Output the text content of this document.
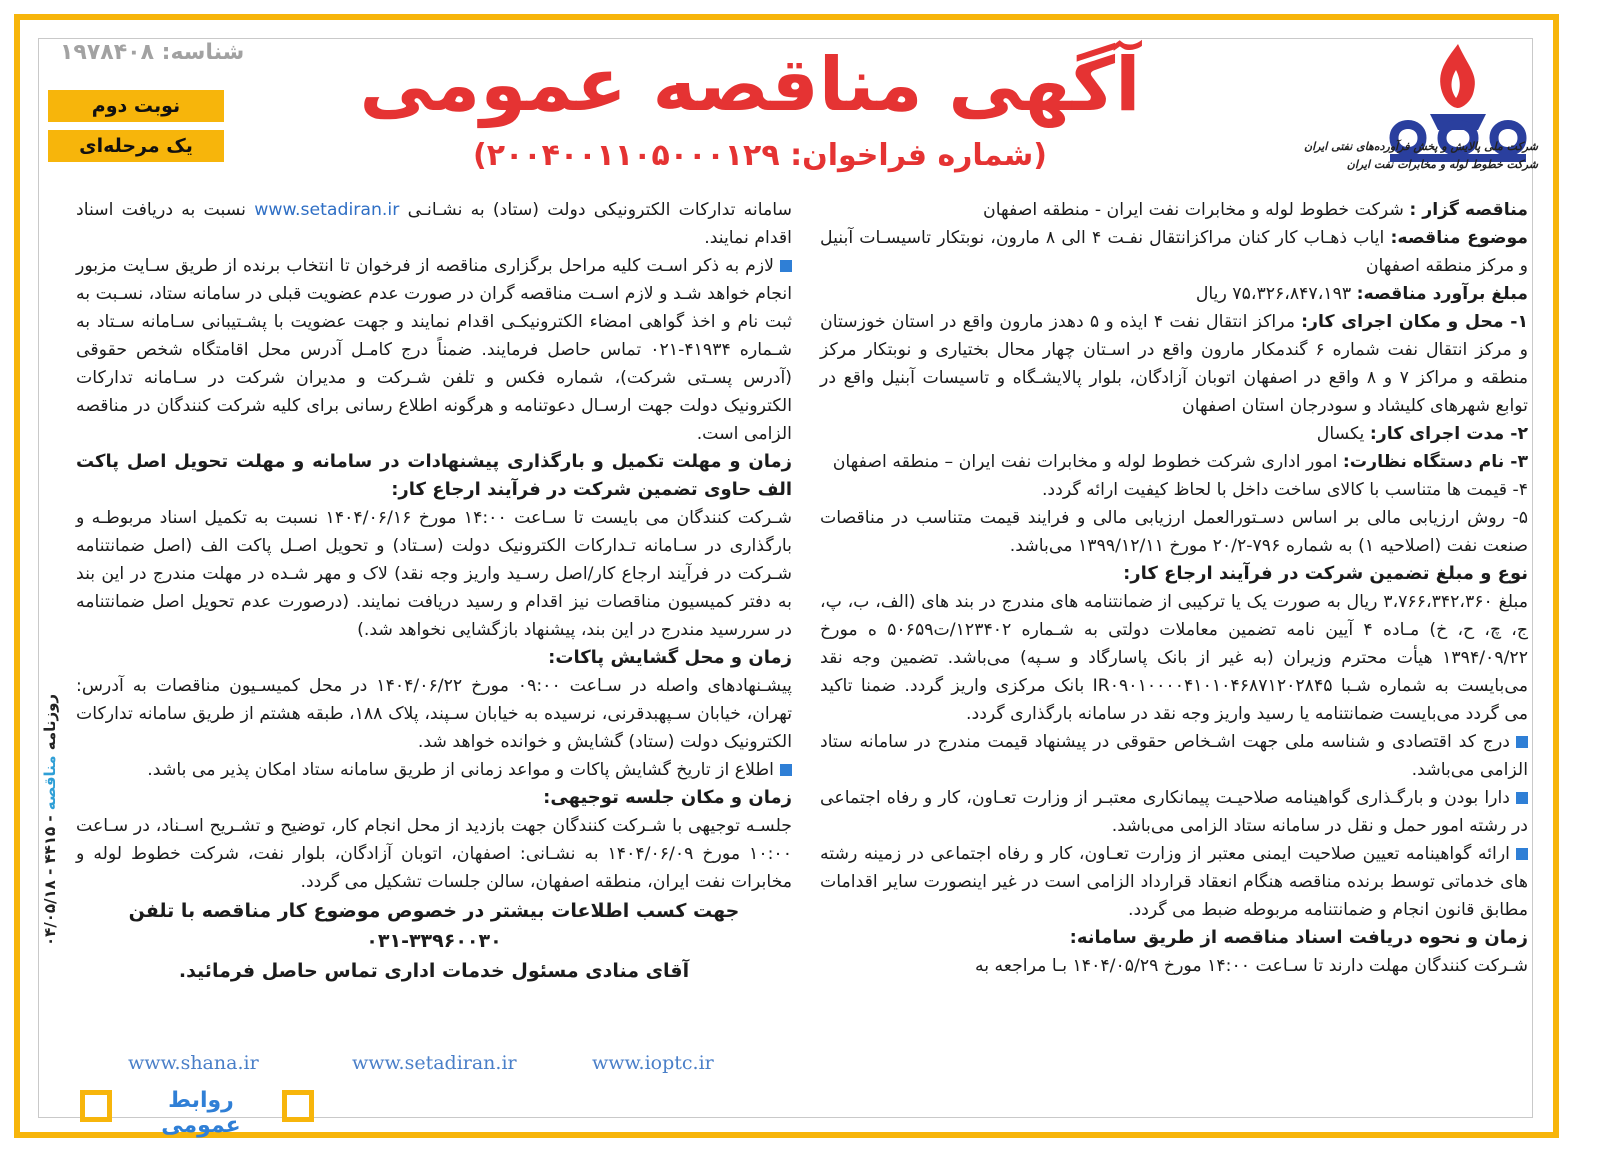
شناسه: ۱۹۷۸۴۰۸
نوبت دوم
یک مرحله‌ای
آگهی مناقصه عمومی
(شماره فراخوان: ۲۰۰۴۰۰۱۱۰۵۰۰۰۱۲۹)	شرکت ملی پالایش و پخش فرآورده‌های نفتی ایران
شرکت خطوط لوله و مخابرات نفت ایران

مناقصه گزار : شرکت خطوط لوله و مخابرات نفت ایران - منطقه اصفهان

موضوع مناقصه: ایاب ذهـاب کار کنان مراکزانتقال نفـت ۴ الی ۸ مارون، نوبتکار تاسیسـات آبنیل و مرکز منطقه اصفهان

مبلغ برآورد مناقصه: ۷۵،۳۲۶،۸۴۷،۱۹۳ ریال

۱- محل و مکان اجرای کار: مراکز انتقال نفت ۴ ایذه و ۵ دهدز مارون واقع در استان خوزستان و مرکز انتقال نفت شماره ۶ گندمکار مارون واقع در اسـتان چهار محال بختیاری و نوبتکار مرکز منطقه و مراکز ۷ و ۸ واقع در اصفهان اتوبان آزادگان، بلوار پالایشـگاه و تاسیسات آبنیل واقع در توابع شهرهای کلیشاد و سودرجان استان اصفهان

۲- مدت اجرای کار: یکسال

۳- نام دستگاه نظارت: امور اداری شرکت خطوط لوله و مخابرات نفت ایران – منطقه اصفهان

۴- قیمت ها متناسب با کالای ساخت داخل با لحاظ کیفیت ارائه گردد.

۵- روش ارزیابی مالی بر اساس دسـتورالعمل ارزیابی مالی و فرایند قیمت متناسب در مناقصات صنعت نفت (اصلاحیه ۱) به شماره ۷۹۶-۲۰/۲ مورخ ۱۳۹۹/۱۲/۱۱ می‌باشد.

نوع و مبلغ تضمین شرکت در فرآیند ارجاع کار:

مبلغ ۳،۷۶۶،۳۴۲،۳۶۰ ریال به صورت یک یا ترکیبی از ضمانتنامه های مندرج در بند های (الف، ب، پ، ج، چ، ح، خ) مـاده ۴ آیین نامه تضمین معاملات دولتی به شـماره ۱۲۳۴۰۲/ت۵۰۶۵۹ ه مورخ ۱۳۹۴/۰۹/۲۲ هیأت محترم وزیران (به غیر از بانک پاسارگاد و سـپه) می‌باشد. تضمین وجه نقد می‌بایست به شماره شـبا IR۰۹۰۱۰۰۰۰۴۱۰۱۰۴۶۸۷۱۲۰۲۸۴۵ بانک مرکزی واریز گردد. ضمنا تاکید می گردد می‌بایست ضمانتنامه یا رسید واریز وجه نقد در سامانه بارگذاری گردد.

درج کد اقتصادی و شناسه ملی جهت اشـخاص حقوقی در پیشنهاد قیمت مندرج در سامانه ستاد الزامی می‌باشد.

دارا بودن و بارگـذاری گواهینامه صلاحیـت پیمانکاری معتبـر از وزارت تعـاون، کار و رفاه اجتماعی در رشته امور حمل و نقل در سامانه ستاد الزامی می‌باشد.

ارائه گواهینامه تعیین صلاحیت ایمنی معتبر از وزارت تعـاون، کار و رفاه اجتماعی در زمینه رشته های خدماتی توسط برنده مناقصه هنگام انعقاد قرارداد الزامی است در غیر اینصورت سایر اقدامات مطابق قانون انجام و ضمانتنامه مربوطه ضبط می گردد.

زمان و نحوه دریافت اسناد مناقصه از طریق سامانه:

شـرکت کنندگان مهلت دارند تا سـاعت ۱۴:۰۰ مورخ ۱۴۰۴/۰۵/۲۹ بـا مراجعه به

سامانه تدارکات الکترونیکی دولت (ستاد) به نشـانـی www.setadiran.ir نسبت به دریافت اسناد اقدام نمایند.

لازم به ذکر اسـت کلیه مراحل برگزاری مناقصه از فرخوان تا انتخاب برنده از طریق سـایت مزبور انجام خواهد شـد و لازم اسـت مناقصه گران در صورت عدم عضویت قبلی در سامانه ستاد، نسـبت به ثبت نام و اخذ گواهی امضاء الکترونیکـی اقدام نمایند و جهت عضویت با پشـتیبانی سـامانه سـتاد به شـماره ۴۱۹۳۴-۰۲۱ تماس حاصل فرمایند. ضمناً درج کامـل آدرس محل اقامتگاه شخص حقوقی (آدرس پسـتی شرکت)، شماره فکس و تلفن شـرکت و مدیران شرکت در سـامانه تدارکات الکترونیک دولت جهت ارسـال دعوتنامه و هرگونه اطلاع رسانی برای کلیه شرکت کنندگان در مناقصه الزامی است.

زمان و مهلت تکمیل و بارگذاری پیشنهادات در سامانه و مهلت تحویل اصل پاکت الف حاوی تضمین شرکت در فرآیند ارجاع کار:

شـرکت کنندگان می بایست تا سـاعت ۱۴:۰۰ مورخ ۱۴۰۴/۰۶/۱۶ نسبت به تکمیل اسناد مربوطـه و بارگذاری در سـامانه تـدارکات الکترونیک دولت (سـتاد) و تحویل اصـل پاکت الف (اصل ضمانتنامه شـرکت در فرآیند ارجاع کار/اصل رسـید واریز وجه نقد) لاک و مهر شـده در مهلت مندرج در این بند به دفتر کمیسیون مناقصات نیز اقدام و رسید دریافت نمایند. (درصورت عدم تحویل اصل ضمانتنامه در سررسید مندرج در این بند، پیشنهاد بازگشایی نخواهد شد.)

زمان و محل گشایش پاکات:

پیشـنهادهای واصله در سـاعت ۰۹:۰۰ مورخ ۱۴۰۴/۰۶/۲۲ در محل کمیسـیون مناقصات به آدرس: تهران، خیابان سـپهبدقرنی، نرسیده به خیابان سـپند، پلاک ۱۸۸، طبقه هشتم از طریق سامانه تدارکات الکترونیک دولت (ستاد) گشایش و خوانده خواهد شد.

اطلاع از تاریخ گشایش پاکات و مواعد زمانی از طریق سامانه ستاد امکان پذیر می باشد.

زمان و مکان جلسه توجیهی:

جلسـه توجیهی با شـرکت کنندگان جهت بازدید از محل انجام کار، توضیح و تشـریح اسـناد، در سـاعت ۱۰:۰۰ مورخ ۱۴۰۴/۰۶/۰۹ به نشـانی: اصفهان، اتوبان آزادگان، بلوار نفت، شرکت خطوط لوله و مخابرات نفت ایران، منطقه اصفهان، سالن جلسات تشکیل می گردد.

جهت کسب اطلاعات بیشتر در خصوص موضوع کار مناقصه با تلفن ۳۳۹۶۰۰۳۰-۰۳۱

آقای منادی مسئول خدمات اداری تماس حاصل فرمائید.

www.shana.ir	www.setadiran.ir	www.ioptc.ir
روابط عمومی
روزنامه مناقصه - ۴۴۱۵ - ۰۴/۰۵/۱۸
